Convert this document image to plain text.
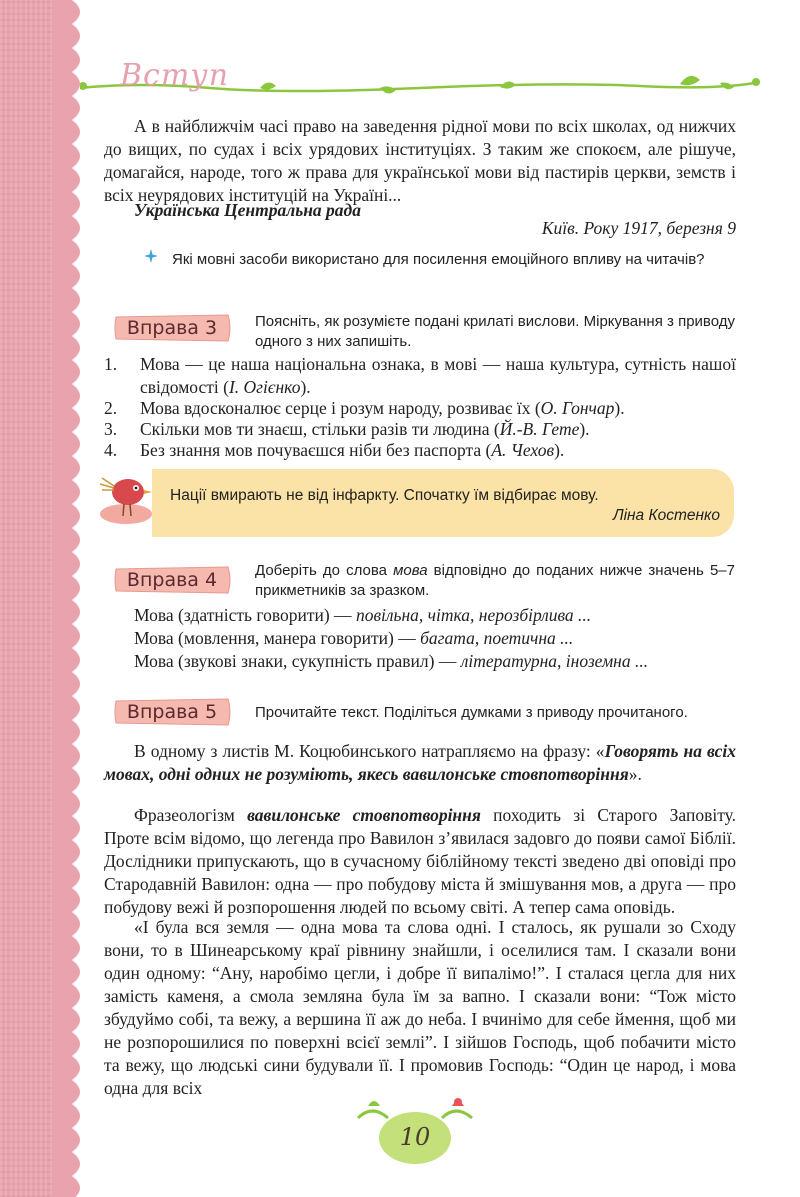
Вступ
А в найближчім часі право на заведення рідної мови по всіх школах, од нижчих до вищих, по судах і всіх урядових інституціях. З таким же спокоєм, але рішуче, домагайся, народе, того ж права для української мови від пастирів церкви, земств і всіх неурядових інституцій на Україні...
Українська Центральна рада
Київ. Року 1917, березня 9
Які мовні засоби використано для посилення емоційного впливу на читачів?
Вправа 3	Поясніть, як розумієте подані крилаті вислови. Міркування з приводу одного з них запишіть.
1.	Мова — це наша національна ознака, в мові — наша культура, сутність нашої свідомості (І. Огієнко).
2.	Мова вдосконалює серце і розум народу, розвиває їх (О. Гончар).
3.	Скільки мов ти знаєш, стільки разів ти людина (Й.-В. Гете).
4.	Без знання мов почуваєшся ніби без паспорта (А. Чехов).
Нації вмирають не від інфаркту. Спочатку їм відбирає мову.
Ліна Костенко
Вправа 4	Доберіть до слова мова відповідно до поданих нижче значень 5–7 прикметників за зразком.
Мова (здатність говорити) — повільна, чітка, нерозбірлива ...
Мова (мовлення, манера говорити) — багата, поетична ...
Мова (звукові знаки, сукупність правил) — літературна, іноземна ...
Вправа 5	Прочитайте текст. Поділіться думками з приводу прочитаного.
В одному з листів М. Коцюбинського натрапляємо на фразу: «Говорять на всіх мовах, одні одних не розуміють, якесь вавилонське стовпотворіння».
Фразеологізм вавилонське стовпотворіння походить зі Старого Заповіту. Проте всім відомо, що легенда про Вавилон з’явилася задовго до появи самої Біблії. Дослідники припускають, що в сучасному біблійному тексті зведено дві оповіді про Стародавній Вавилон: одна — про побудову міста й змішування мов, а друга — про побудову вежі й розпорошення людей по всьому світі. А тепер сама оповідь.
«І була вся земля — одна мова та слова одні. І сталось, як рушали зо Сходу вони, то в Шинеарському краї рівнину знайшли, і оселилися там. І сказали вони один одному: “Ану, наробімо цегли, і добре її випалімо!”. І сталася цегла для них замість каменя, а смола земляна була їм за вапно. І сказали вони: “Тож місто збудуймо собі, та вежу, а вершина її аж до неба. І вчинімо для себе ймення, щоб ми не розпорошилися по поверхні всієї землі”. І зійшов Господь, щоб побачити місто та вежу, що людські сини будували її. І промовив Господь: “Один це народ, і мова одна для всіх
10
